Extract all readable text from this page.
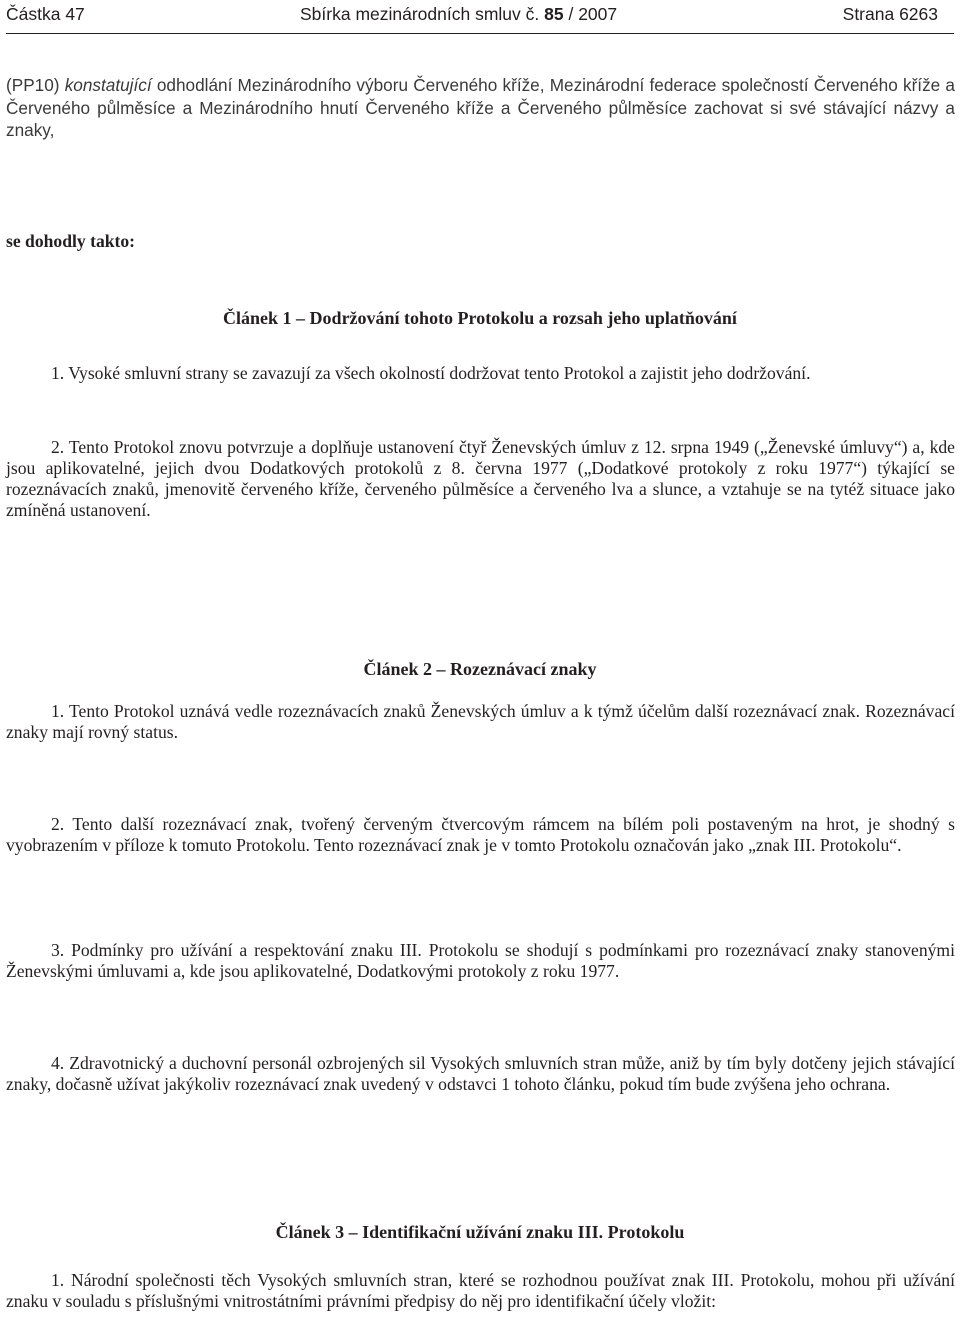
Částka 47	Sbírka mezinárodních smluv č. 85 / 2007	Strana 6263
(PP10) konstatující odhodlání Mezinárodního výboru Červeného kříže, Mezinárodní federace společností Červeného kříže a Červeného půlměsíce a Mezinárodního hnutí Červeného kříže a Červeného půlměsíce zachovat si své stávající názvy a znaky,
se dohodly takto:
Článek 1 – Dodržování tohoto Protokolu a rozsah jeho uplatňování
1. Vysoké smluvní strany se zavazují za všech okolností dodržovat tento Protokol a zajistit jeho dodržování.
2. Tento Protokol znovu potvrzuje a doplňuje ustanovení čtyř Ženevských úmluv z 12. srpna 1949 („Ženevské úmluvy“) a, kde jsou aplikovatelné, jejich dvou Dodatkových protokolů z 8. června 1977 („Dodatkové protokoly z roku 1977“) týkající se rozeznávacích znaků, jmenovitě červeného kříže, červeného půlměsíce a červeného lva a slunce, a vztahuje se na tytéž situace jako zmíněná ustanovení.
Článek 2 – Rozeznávací znaky
1. Tento Protokol uznává vedle rozeznávacích znaků Ženevských úmluv a k týmž účelům další rozeznávací znak. Rozeznávací znaky mají rovný status.
2. Tento další rozeznávací znak, tvořený červeným čtvercovým rámcem na bílém poli postaveným na hrot, je shodný s vyobrazením v příloze k tomuto Protokolu. Tento rozeznávací znak je v tomto Protokolu označován jako „znak III. Protokolu“.
3. Podmínky pro užívání a respektování znaku III. Protokolu se shodují s podmínkami pro rozeznávací znaky stanovenými Ženevskými úmluvami a, kde jsou aplikovatelné, Dodatkovými protokoly z roku 1977.
4. Zdravotnický a duchovní personál ozbrojených sil Vysokých smluvních stran může, aniž by tím byly dotčeny jejich stávající znaky, dočasně užívat jakýkoliv rozeznávací znak uvedený v odstavci 1 tohoto článku, pokud tím bude zvýšena jeho ochrana.
Článek 3 – Identifikační užívání znaku III. Protokolu
1. Národní společnosti těch Vysokých smluvních stran, které se rozhodnou používat znak III. Protokolu, mohou při užívání znaku v souladu s příslušnými vnitrostátními právními předpisy do něj pro identifikační účely vložit:
